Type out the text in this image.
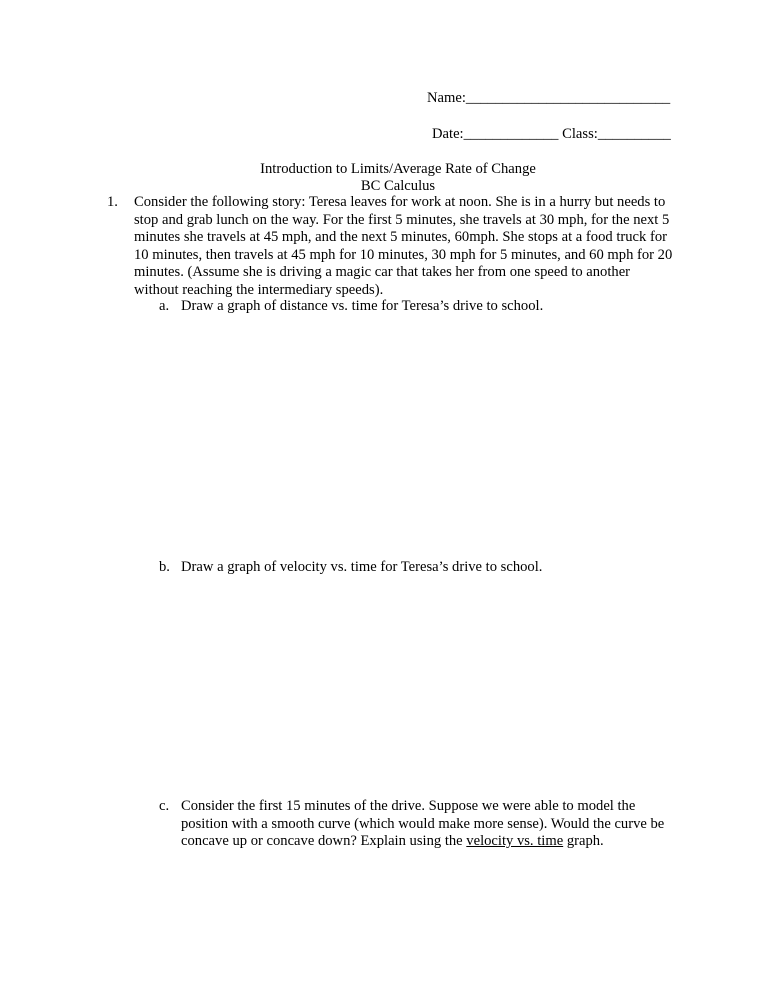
Name:____________________________
Date:_____________ Class:__________
Introduction to Limits/Average Rate of Change
BC Calculus
1. Consider the following story: Teresa leaves for work at noon. She is in a hurry but needs to stop and grab lunch on the way. For the first 5 minutes, she travels at 30 mph, for the next 5 minutes she travels at 45 mph, and the next 5 minutes, 60mph. She stops at a food truck for 10 minutes, then travels at 45 mph for 10 minutes, 30 mph for 5 minutes, and 60 mph for 20 minutes. (Assume she is driving a magic car that takes her from one speed to another without reaching the intermediary speeds).
a. Draw a graph of distance vs. time for Teresa’s drive to school.
b. Draw a graph of velocity vs. time for Teresa’s drive to school.
c. Consider the first 15 minutes of the drive. Suppose we were able to model the position with a smooth curve (which would make more sense). Would the curve be concave up or concave down? Explain using the velocity vs. time graph.
